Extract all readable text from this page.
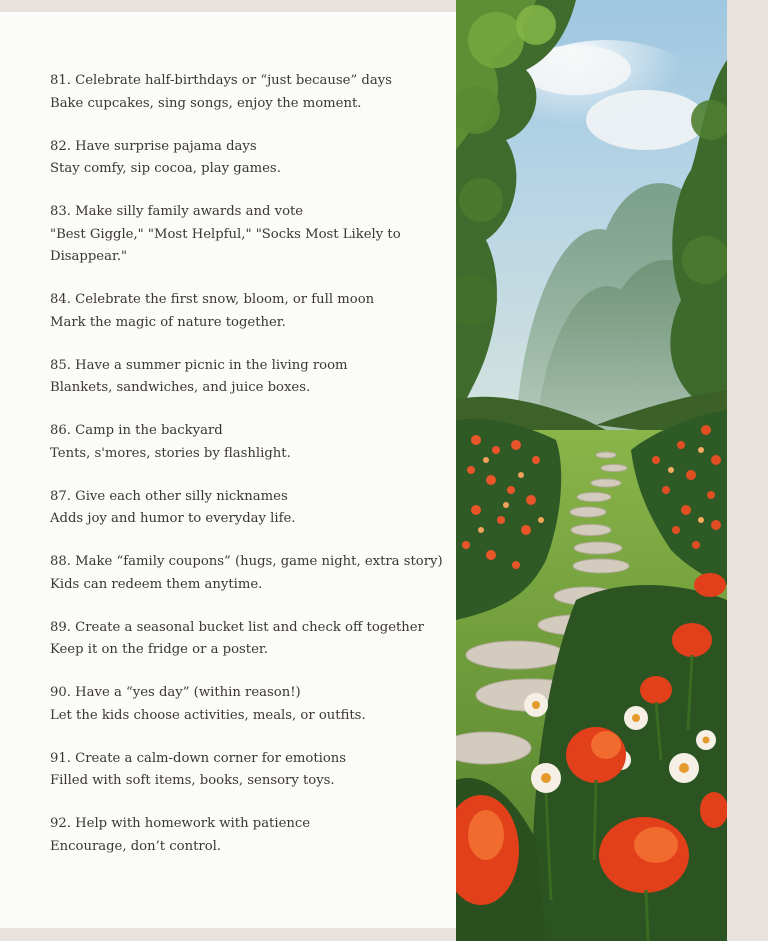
81. Celebrate half-birthdays or “just because” days
Bake cupcakes, sing songs, enjoy the moment.
82. Have surprise pajama days
Stay comfy, sip cocoa, play games.
83. Make silly family awards and vote
"Best Giggle," "Most Helpful," "Socks Most Likely to Disappear."
84. Celebrate the first snow, bloom, or full moon
Mark the magic of nature together.
85. Have a summer picnic in the living room
Blankets, sandwiches, and juice boxes.
86. Camp in the backyard
Tents, s'mores, stories by flashlight.
87. Give each other silly nicknames
Adds joy and humor to everyday life.
88. Make “family coupons” (hugs, game night, extra story)
Kids can redeem them anytime.
89. Create a seasonal bucket list and check off together
Keep it on the fridge or a poster.
90. Have a “yes day” (within reason!)
Let the kids choose activities, meals, or outfits.
91. Create a calm-down corner for emotions
Filled with soft items, books, sensory toys.
92. Help with homework with patience
Encourage, don’t control.
